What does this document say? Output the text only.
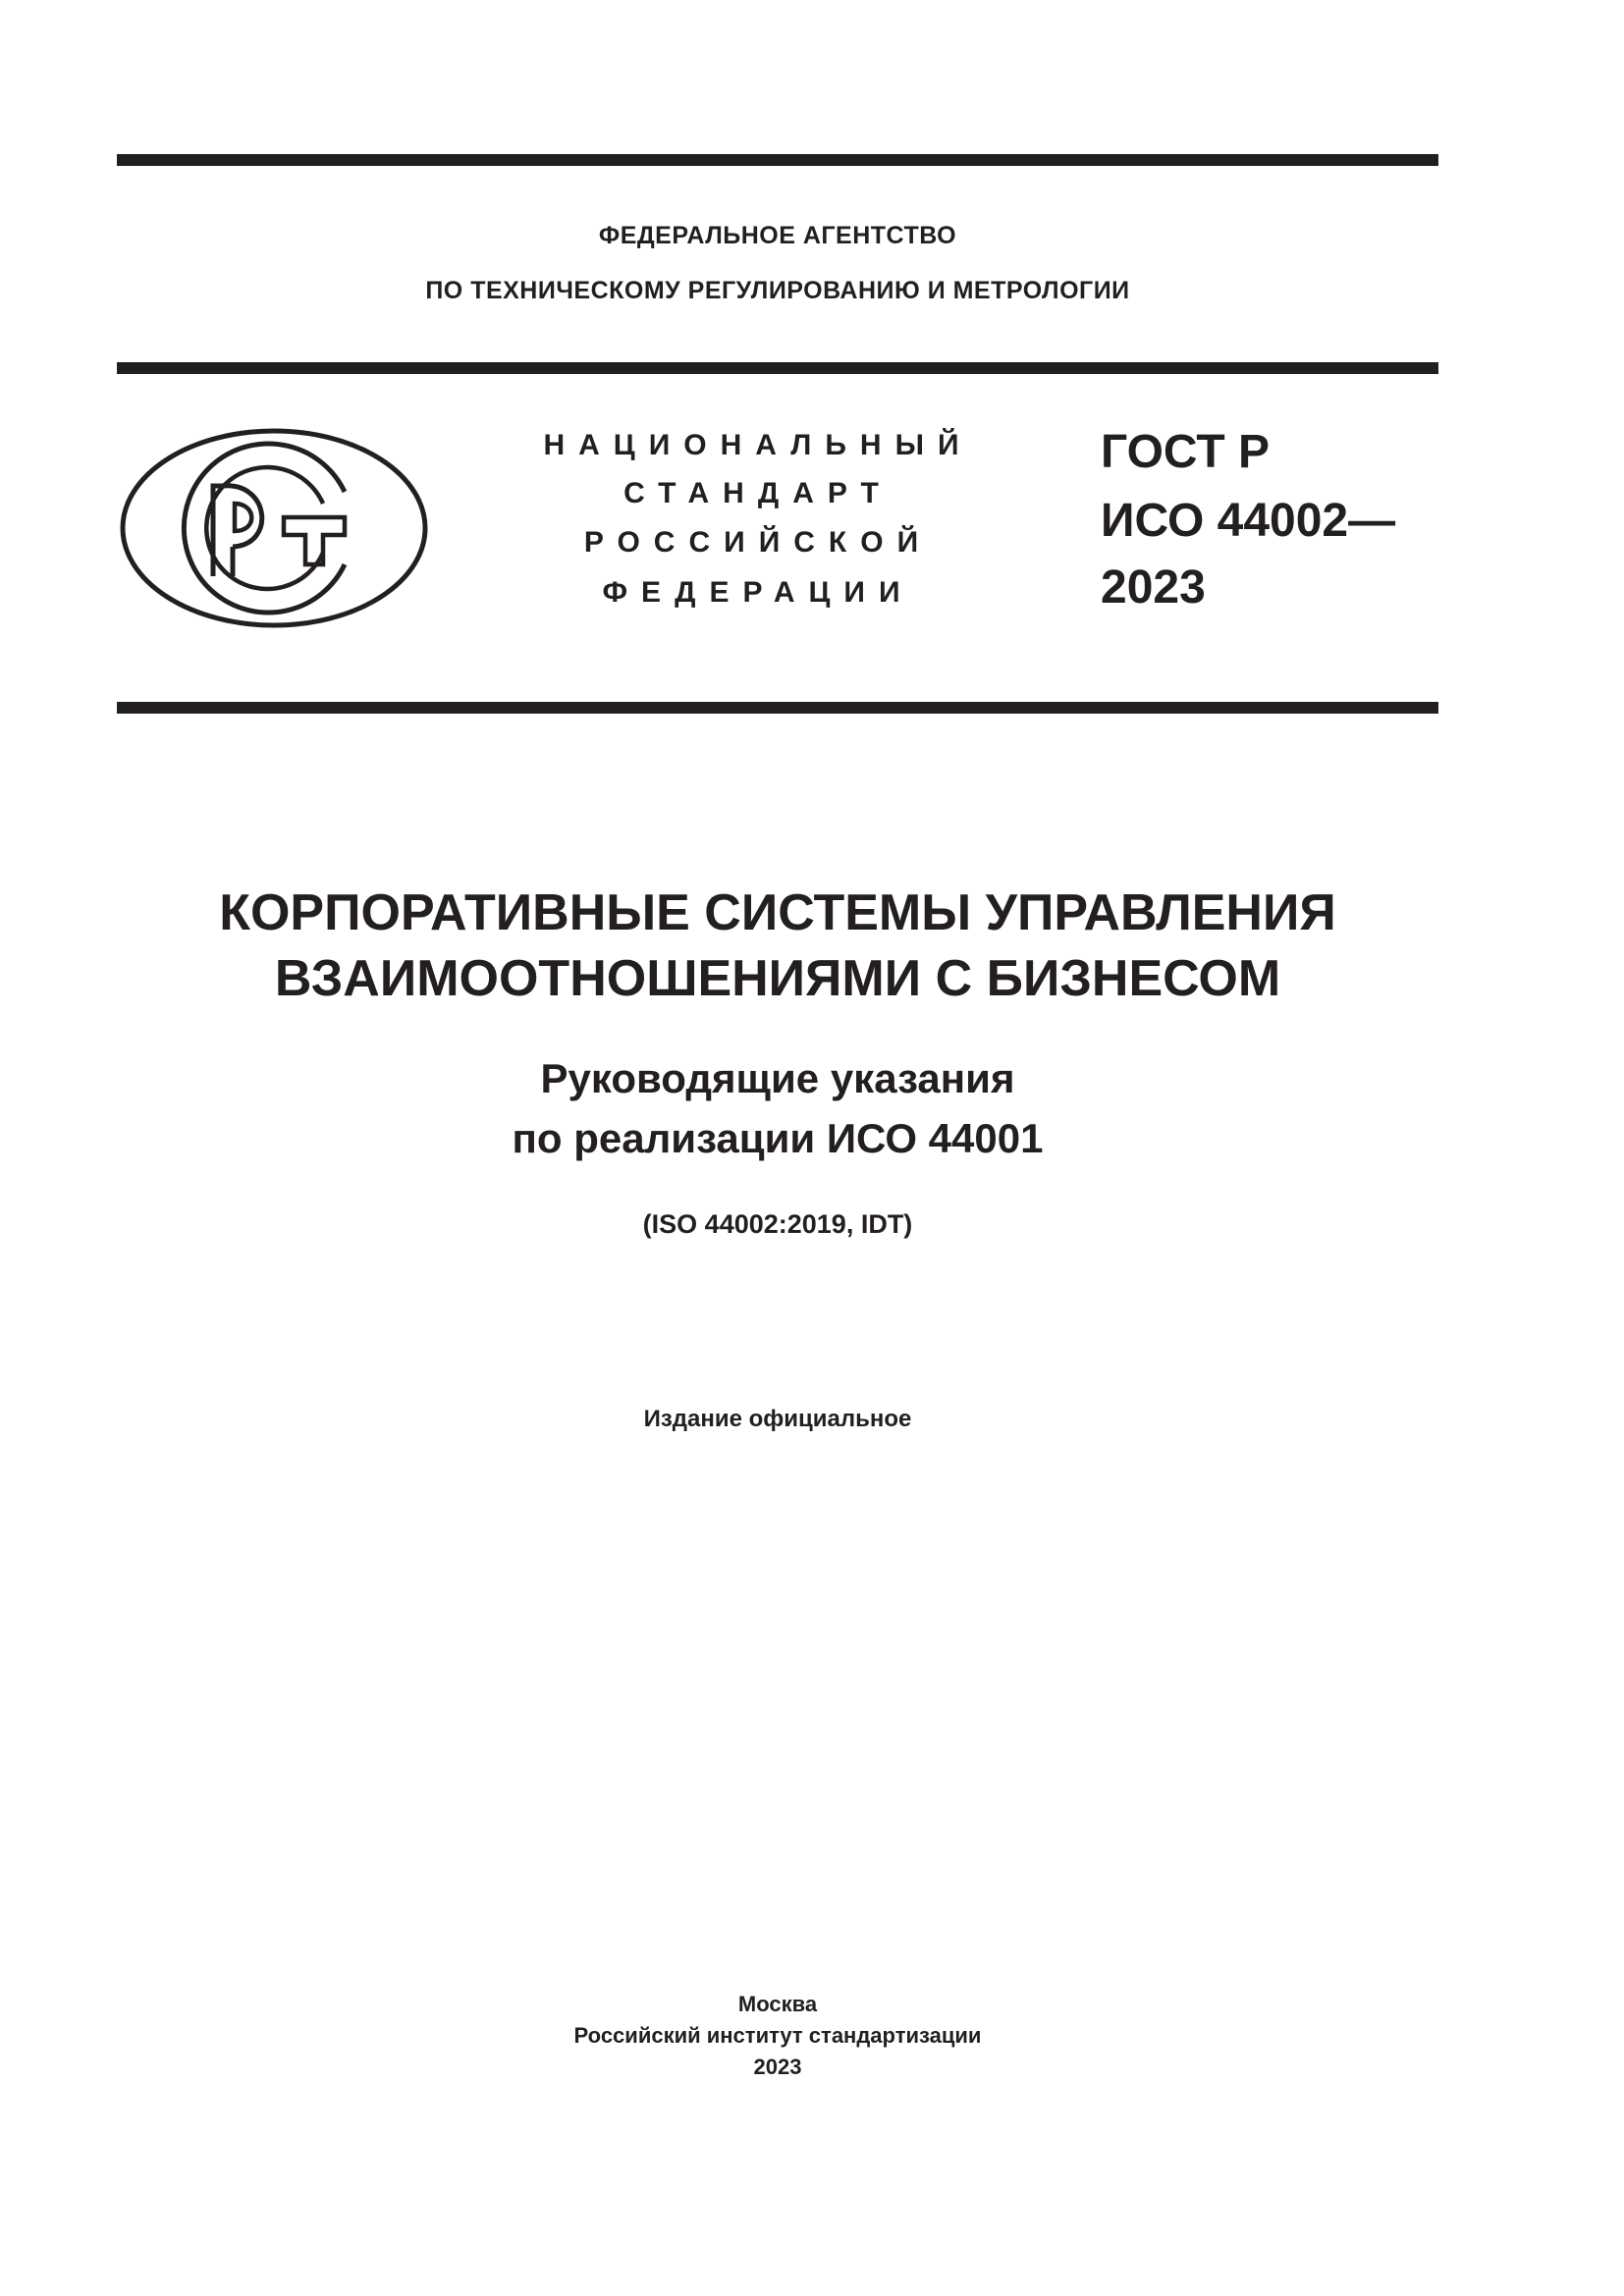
ФЕДЕРАЛЬНОЕ АГЕНТСТВО
ПО ТЕХНИЧЕСКОМУ РЕГУЛИРОВАНИЮ И МЕТРОЛОГИИ
НАЦИОНАЛЬНЫЙ
СТАНДАРТ
РОССИЙСКОЙ
ФЕДЕРАЦИИ
ГОСТ Р
ИСО 44002—
2023
КОРПОРАТИВНЫЕ СИСТЕМЫ УПРАВЛЕНИЯ
ВЗАИМООТНОШЕНИЯМИ С БИЗНЕСОМ
Руководящие указания
по реализации ИСО 44001
(ISO 44002:2019, IDT)
Издание официальное
Москва
Российский институт стандартизации
2023
